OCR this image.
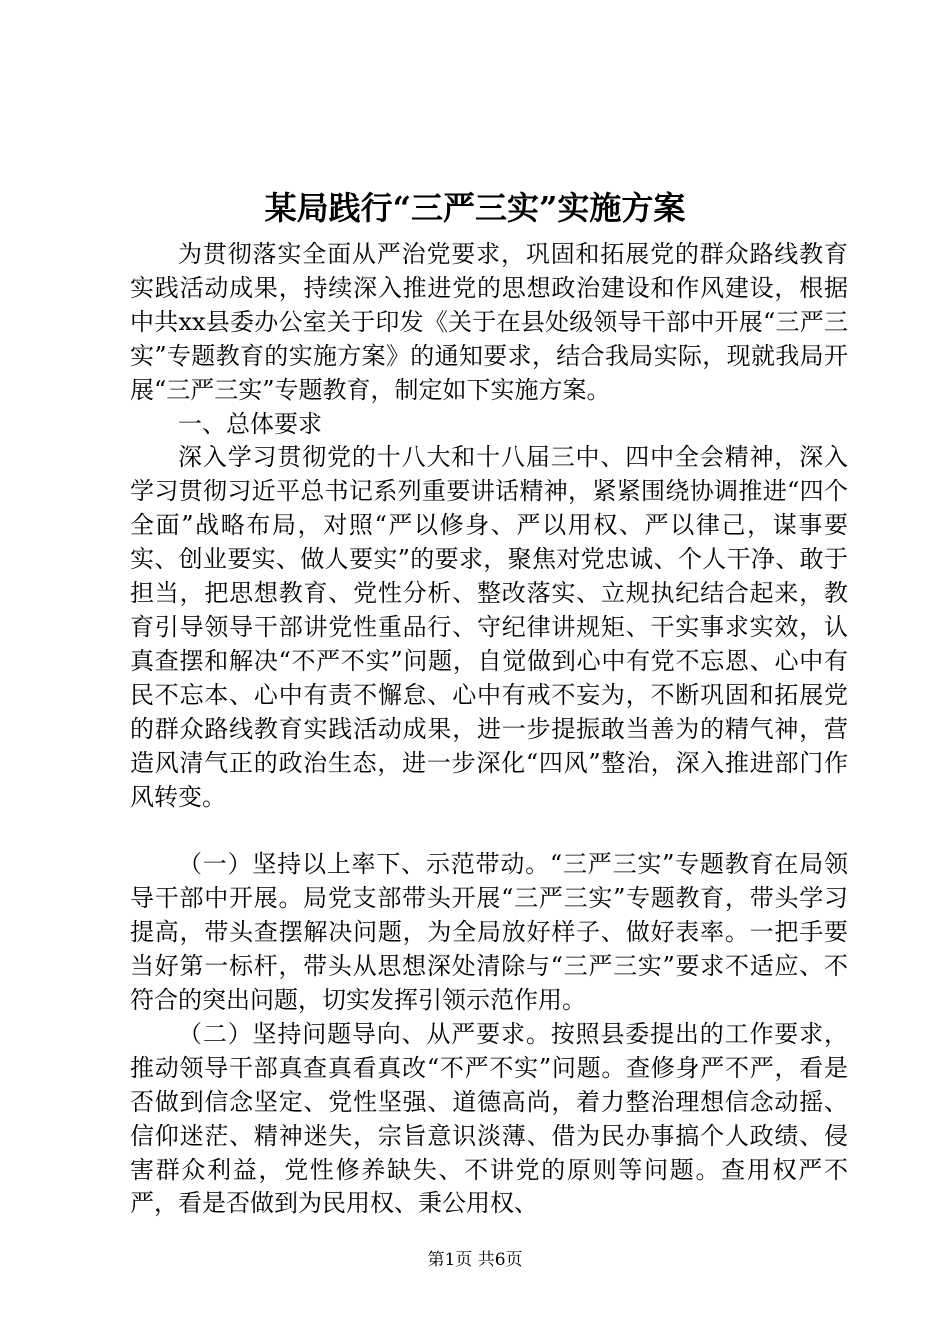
某局践行“三严三实”实施方案

为贯彻落实全面从严治党要求，巩固和拓展党的群众路线教育实践活动成果，持续深入推进党的思想政治建设和作风建设，根据中共xx县委办公室关于印发《关于在县处级领导干部中开展“三严三实”专题教育的实施方案》的通知要求，结合我局实际，现就我局开展“三严三实”专题教育，制定如下实施方案。

一、总体要求

深入学习贯彻党的十八大和十八届三中、四中全会精神，深入学习贯彻习近平总书记系列重要讲话精神，紧紧围绕协调推进“四个全面”战略布局，对照“严以修身、严以用权、严以律己，谋事要实、创业要实、做人要实”的要求，聚焦对党忠诚、个人干净、敢于担当，把思想教育、党性分析、整改落实、立规执纪结合起来，教育引导领导干部讲党性重品行、守纪律讲规矩、干实事求实效，认真查摆和解决“不严不实”问题，自觉做到心中有党不忘恩、心中有民不忘本、心中有责不懈怠、心中有戒不妄为，不断巩固和拓展党的群众路线教育实践活动成果，进一步提振敢当善为的精气神，营造风清气正的政治生态，进一步深化“四风”整治，深入推进部门作风转变。

（一）坚持以上率下、示范带动。“三严三实”专题教育在局领导干部中开展。局党支部带头开展“三严三实”专题教育，带头学习提高，带头查摆解决问题，为全局放好样子、做好表率。一把手要当好第一标杆，带头从思想深处清除与“三严三实”要求不适应、不符合的突出问题，切实发挥引领示范作用。

（二）坚持问题导向、从严要求。按照县委提出的工作要求，推动领导干部真查真看真改“不严不实”问题。查修身严不严，看是否做到信念坚定、党性坚强、道德高尚，着力整治理想信念动摇、信仰迷茫、精神迷失，宗旨意识淡薄、借为民办事搞个人政绩、侵害群众利益，党性修养缺失、不讲党的原则等问题。查用权严不严，看是否做到为民用权、秉公用权、

第1页 共6页
